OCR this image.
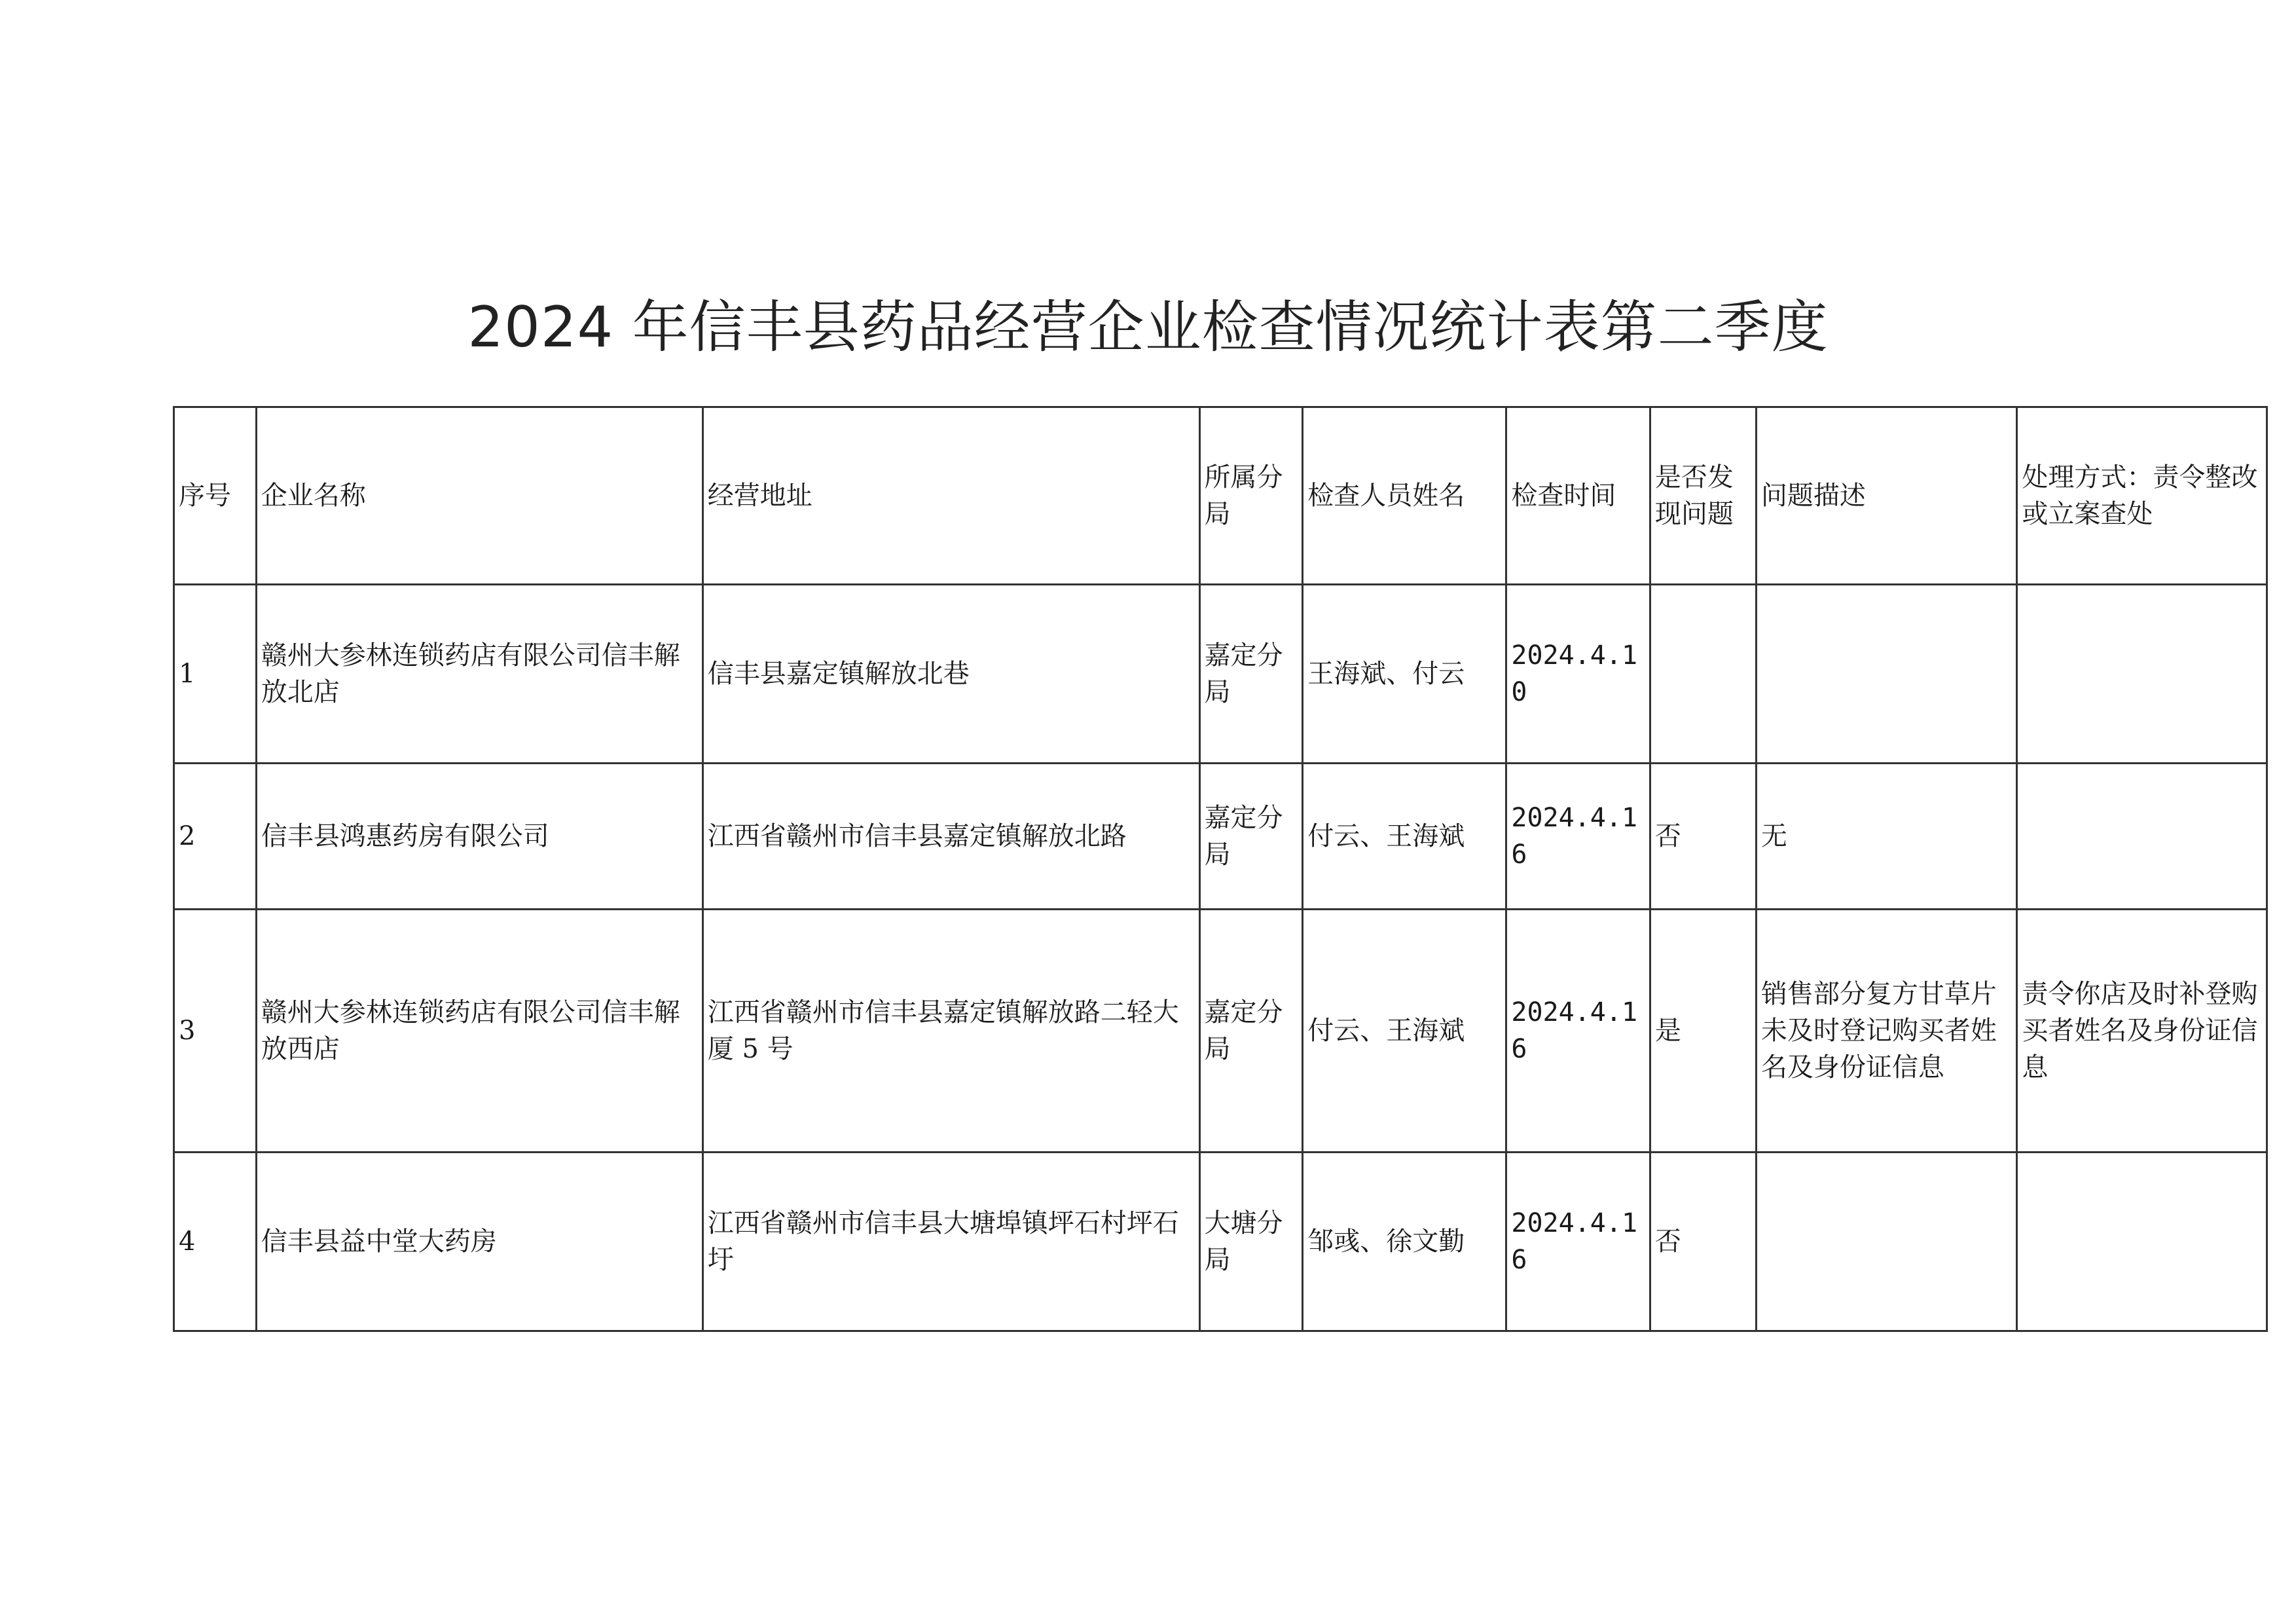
2024 年信丰县药品经营企业检查情况统计表第二季度
序号	企业名称	经营地址	所属分局	检查人员姓名	检查时间	是否发现问题	问题描述	处理方式：责令整改或立案查处
1	赣州大参林连锁药店有限公司信丰解放北店	信丰县嘉定镇解放北巷	嘉定分局	王海斌、付云	2024.4.10			
2	信丰县鸿惠药房有限公司	江西省赣州市信丰县嘉定镇解放北路	嘉定分局	付云、王海斌	2024.4.16	否	无	
3	赣州大参林连锁药店有限公司信丰解放西店	江西省赣州市信丰县嘉定镇解放路二轻大厦 5 号	嘉定分局	付云、王海斌	2024.4.16	是	销售部分复方甘草片未及时登记购买者姓名及身份证信息	责令你店及时补登购买者姓名及身份证信息
4	信丰县益中堂大药房	江西省赣州市信丰县大塘埠镇坪石村坪石圩	大塘分局	邹彧、徐文勤	2024.4.16	否		
